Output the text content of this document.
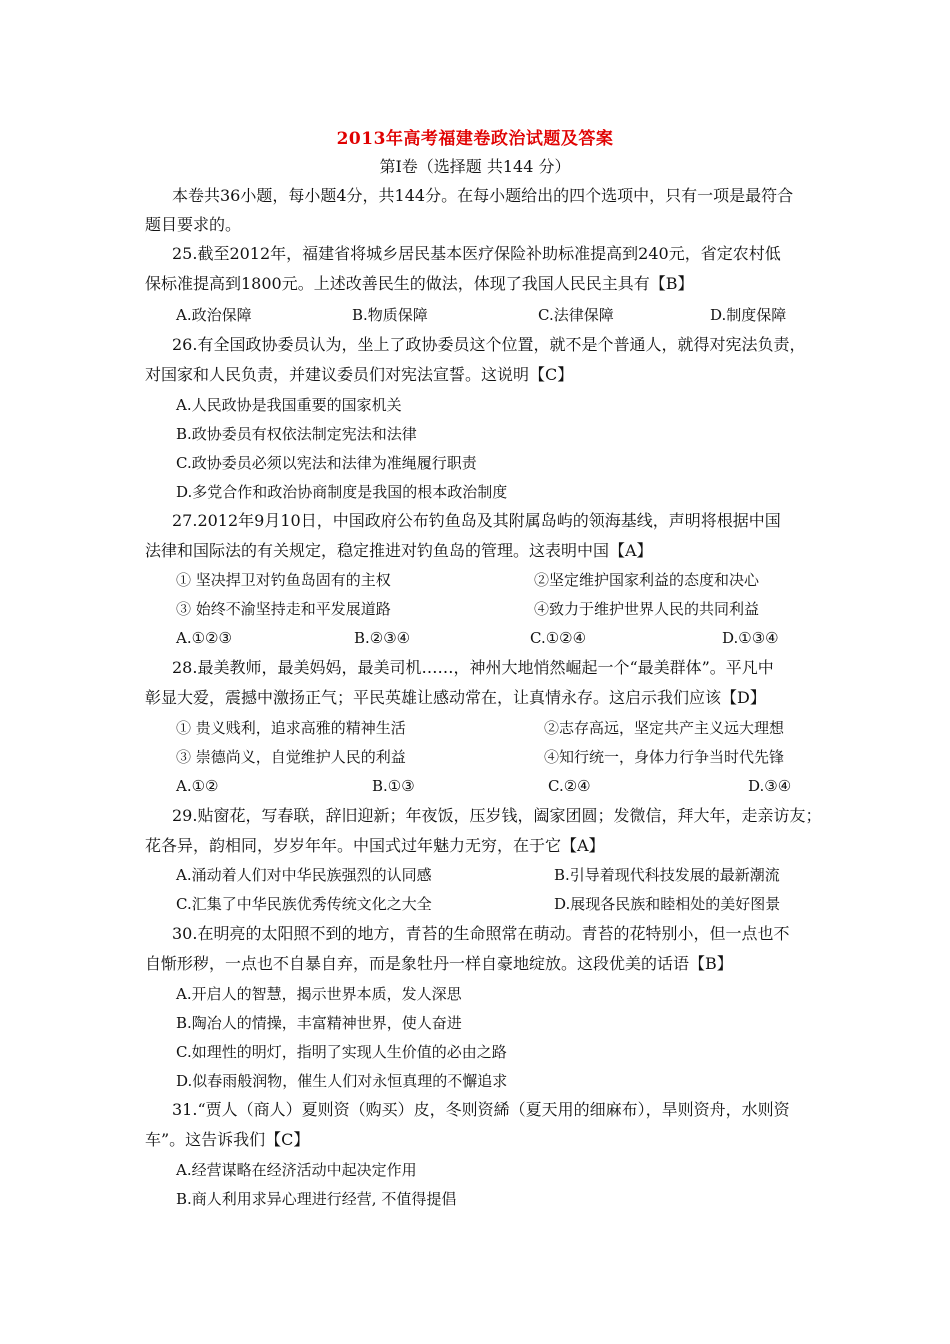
2013年高考福建卷政治试题及答案
第Ⅰ卷（选择题 共144 分）
本卷共36小题，每小题4分，共144分。在每小题给出的四个选项中，只有一项是最符合
题目要求的。
25.截至2012年，福建省将城乡居民基本医疗保险补助标准提高到240元，省定农村低
保标准提高到1800元。上述改善民生的做法，体现了我国人民民主具有【B】
A.政治保障	B.物质保障	C.法律保障	D.制度保障
26.有全国政协委员认为，坐上了政协委员这个位置，就不是个普通人，就得对宪法负责，
对国家和人民负责，并建议委员们对宪法宣誓。这说明【C】
A.人民政协是我国重要的国家机关
B.政协委员有权依法制定宪法和法律
C.政协委员必须以宪法和法律为准绳履行职责
D.多党合作和政治协商制度是我国的根本政治制度
27.2012年9月10日，中国政府公布钓鱼岛及其附属岛屿的领海基线，声明将根据中国
法律和国际法的有关规定，稳定推进对钓鱼岛的管理。这表明中国【A】
① 坚决捍卫对钓鱼岛固有的主权	②坚定维护国家利益的态度和决心
③ 始终不渝坚持走和平发展道路	④致力于维护世界人民的共同利益
A.①②③	B.②③④	C.①②④	D.①③④
28.最美教师，最美妈妈，最美司机……，神州大地悄然崛起一个“最美群体”。平凡中
彰显大爱，震撼中激扬正气；平民英雄让感动常在，让真情永存。这启示我们应该【D】
① 贵义贱利，追求高雅的精神生活	②志存高远，坚定共产主义远大理想
③ 崇德尚义，自觉维护人民的利益	④知行统一，身体力行争当时代先锋
A.①②	B.①③	C.②④	D.③④
29.贴窗花，写春联，辞旧迎新；年夜饭，压岁钱，阖家团圆；发微信，拜大年，走亲访友；
花各异，韵相同，岁岁年年。中国式过年魅力无穷，在于它【A】
A.涌动着人们对中华民族强烈的认同感	B.引导着现代科技发展的最新潮流
C.汇集了中华民族优秀传统文化之大全	D.展现各民族和睦相处的美好图景
30.在明亮的太阳照不到的地方，青苔的生命照常在萌动。青苔的花特别小，但一点也不
自惭形秽，一点也不自暴自弃，而是象牡丹一样自豪地绽放。这段优美的话语【B】
A.开启人的智慧，揭示世界本质，发人深思
B.陶冶人的情操，丰富精神世界，使人奋进
C.如理性的明灯，指明了实现人生价值的必由之路
D.似春雨般润物，催生人们对永恒真理的不懈追求
31.“贾人（商人）夏则资（购买）皮，冬则资絺（夏天用的细麻布），旱则资舟，水则资
车”。这告诉我们【C】
A.经营谋略在经济活动中起决定作用
B.商人利用求异心理进行经营, 不值得提倡
